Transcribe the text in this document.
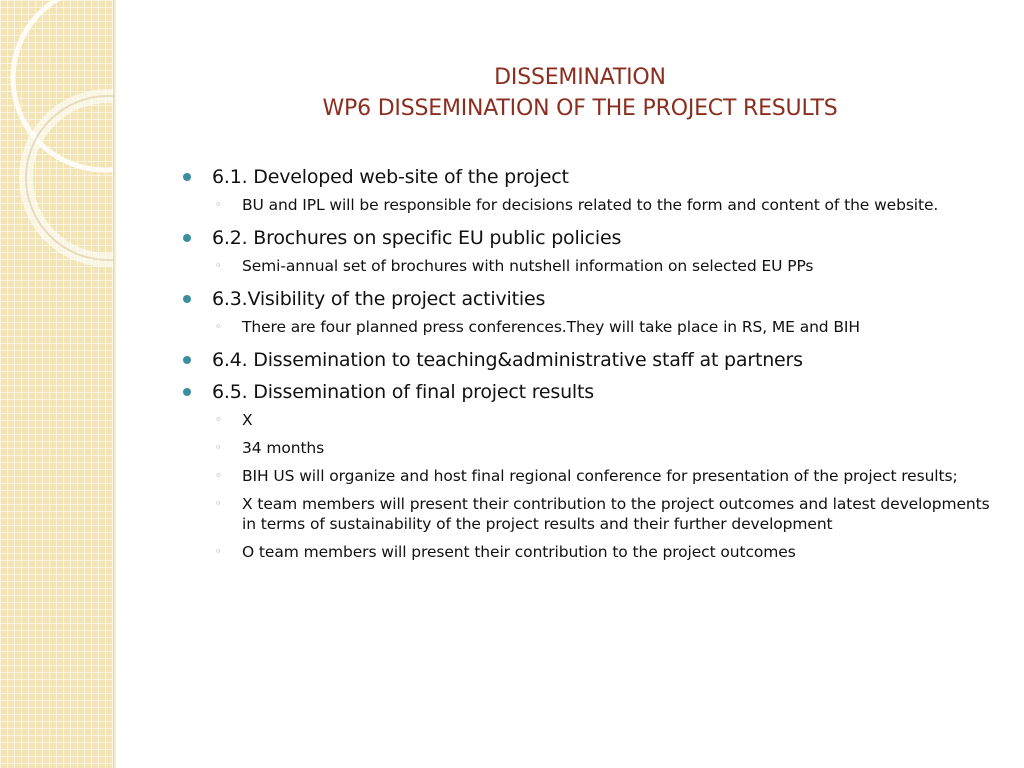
DISSEMINATION
WP6 DISSEMINATION OF THE PROJECT RESULTS
6.1. Developed web-site of the project
◦ BU and IPL will be responsible for decisions related to the form and content of the website.
6.2. Brochures on specific EU public policies
◦ Semi-annual set of brochures with nutshell information on selected EU PPs
6.3.Visibility of the project activities
◦ There are four planned press conferences.They will take place in RS, ME and BIH
6.4. Dissemination to teaching&administrative staff at partners
6.5. Dissemination of final project results
◦ X
◦ 34 months
◦ BIH US will organize and host final regional conference for presentation of the project results;
◦ X team members will present their contribution to the project outcomes and latest developments in terms of sustainability of the project results and their further development
◦ O team members will present their contribution to the project outcomes
